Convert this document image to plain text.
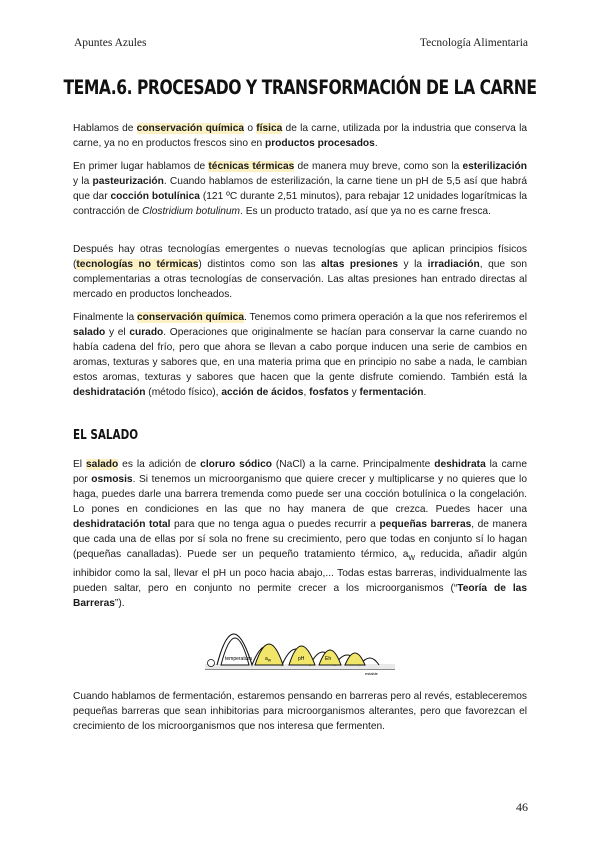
Apuntes Azules	Tecnología Alimentaria
TEMA.6. PROCESADO Y TRANSFORMACIÓN DE LA CARNE

Hablamos de conservación química o física de la carne, utilizada por la industria que conserva la carne, ya no en productos frescos sino en productos procesados.

En primer lugar hablamos de técnicas térmicas de manera muy breve, como son la esterilización y la pasteurización. Cuando hablamos de esterilización, la carne tiene un pH de 5,5 así que habrá que dar cocción botulínica (121 ºC durante 2,51 minutos), para rebajar 12 unidades logarítmicas la contracción de Clostridium botulinum. Es un producto tratado, así que ya no es carne fresca.

Después hay otras tecnologías emergentes o nuevas tecnologías que aplican principios físicos (tecnologías no térmicas) distintos como son las altas presiones y la irradiación, que son complementarias a otras tecnologías de conservación. Las altas presiones han entrado directas al mercado en productos loncheados.

Finalmente la conservación química. Tenemos como primera operación a la que nos referiremos el salado y el curado. Operaciones que originalmente se hacían para conservar la carne cuando no había cadena del frío, pero que ahora se llevan a cabo porque inducen una serie de cambios en aromas, texturas y sabores que, en una materia prima que en principio no sabe a nada, le cambian estos aromas, texturas y sabores que hacen que la gente disfrute comiendo. También está la deshidratación (método físico), acción de ácidos, fosfatos y fermentación.

EL SALADO

El salado es la adición de cloruro sódico (NaCl) a la carne. Principalmente deshidrata la carne por osmosis. Si tenemos un microorganismo que quiere crecer y multiplicarse y no quieres que lo haga, puedes darle una barrera tremenda como puede ser una cocción botulínica o la congelación. Lo pones en condiciones en las que no hay manera de que crezca. Puedes hacer una deshidratación total para que no tenga agua o puedes recurrir a pequeñas barreras, de manera que cada una de ellas por sí sola no frene su crecimiento, pero que todas en conjunto sí lo hagan (pequeñas canalladas). Puede ser un pequeño tratamiento térmico, $a_W$ reducida, añadir algún inhibidor como la sal, llevar el pH un poco hacia abajo,... Todas estas barreras, individualmente las pueden saltar, pero en conjunto no permite crecer a los microorganismos (“Teoría de las Barreras”).

temperatura	$a_W$	pH	Eh
estable

Cuando hablamos de fermentación, estaremos pensando en barreras pero al revés, estableceremos pequeñas barreras que sean inhibitorias para microorganismos alterantes, pero que favorezcan el crecimiento de los microorganismos que nos interesa que fermenten.

46
